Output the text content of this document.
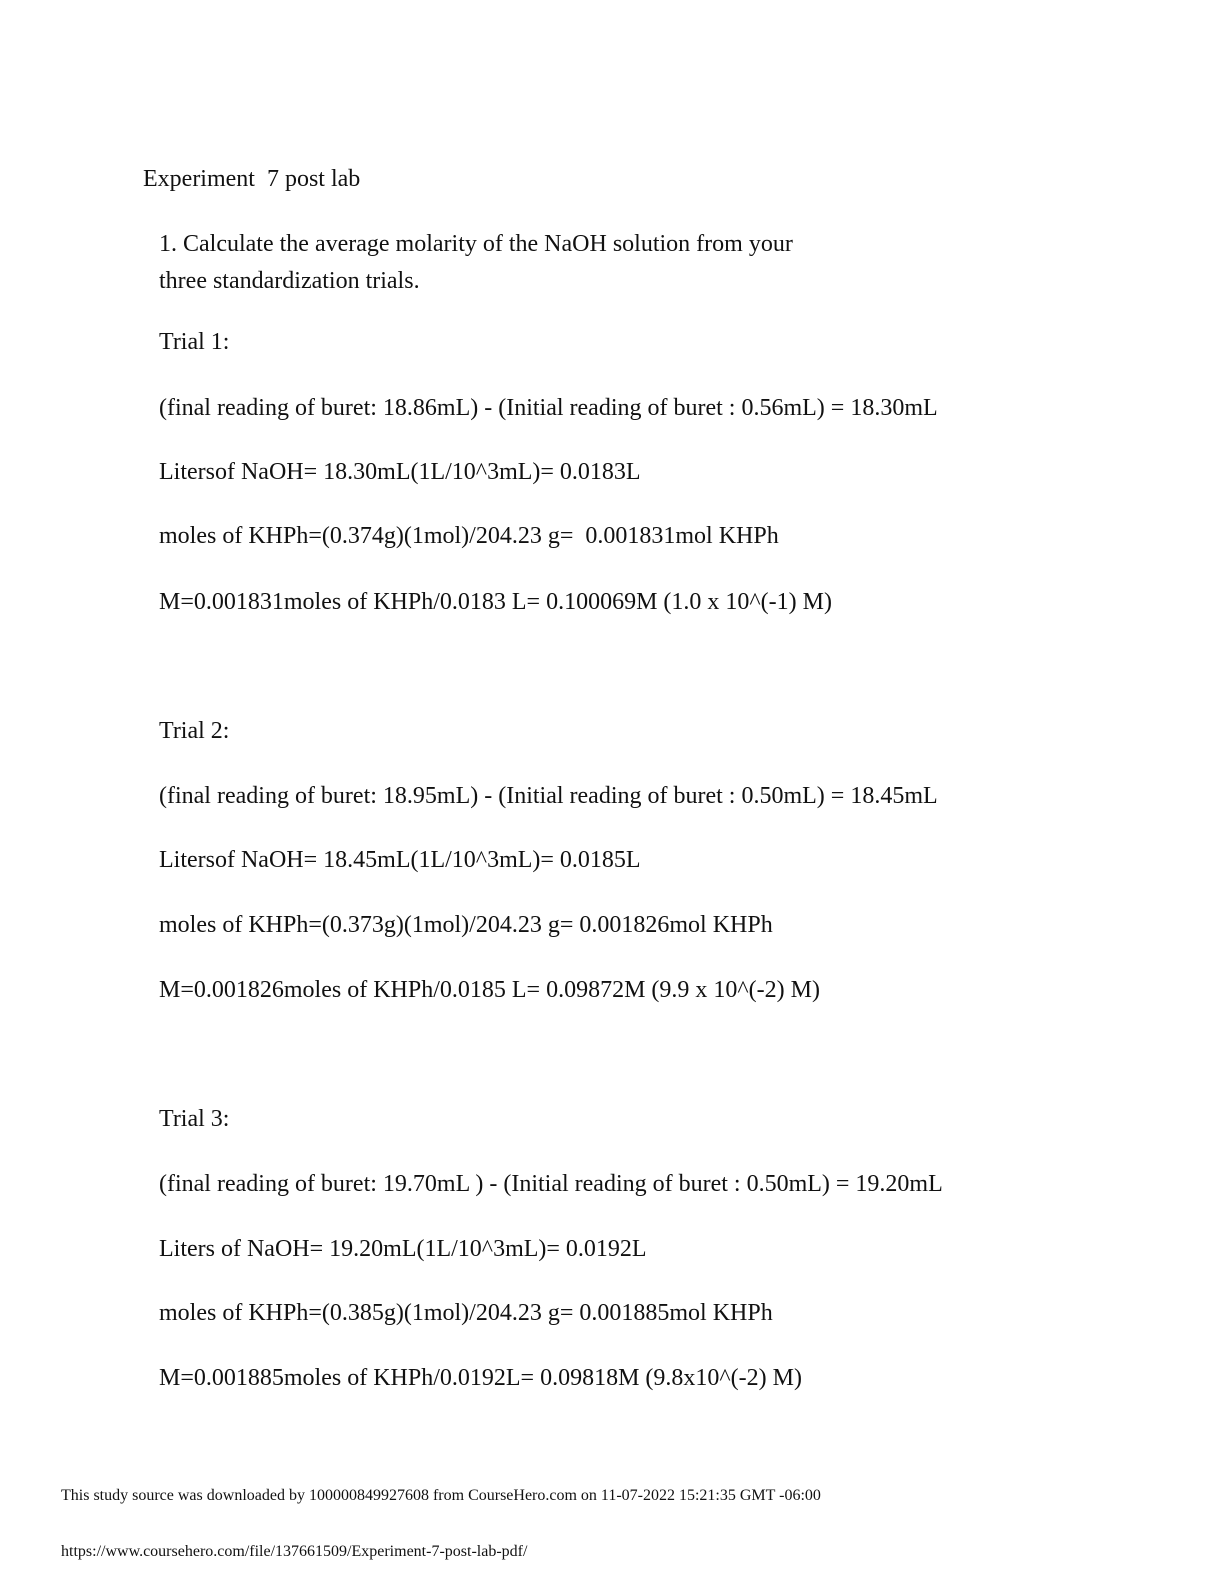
Experiment  7 post lab
1. Calculate the average molarity of the NaOH solution from your
three standardization trials.
Trial 1:
(final reading of buret: 18.86mL) - (Initial reading of buret : 0.56mL) = 18.30mL
Litersof NaOH= 18.30mL(1L/10^3mL)= 0.0183L
moles of KHPh=(0.374g)(1mol)/204.23 g=  0.001831mol KHPh
M=0.001831moles of KHPh/0.0183 L= 0.100069M (1.0 x 10^(-1) M)
Trial 2:
(final reading of buret: 18.95mL) - (Initial reading of buret : 0.50mL) = 18.45mL
Litersof NaOH= 18.45mL(1L/10^3mL)= 0.0185L
moles of KHPh=(0.373g)(1mol)/204.23 g= 0.001826mol KHPh
M=0.001826moles of KHPh/0.0185 L= 0.09872M (9.9 x 10^(-2) M)
Trial 3:
(final reading of buret: 19.70mL ) - (Initial reading of buret : 0.50mL) = 19.20mL
Liters of NaOH= 19.20mL(1L/10^3mL)= 0.0192L
moles of KHPh=(0.385g)(1mol)/204.23 g= 0.001885mol KHPh
M=0.001885moles of KHPh/0.0192L= 0.09818M (9.8x10^(-2) M)
This study source was downloaded by 100000849927608 from CourseHero.com on 11-07-2022 15:21:35 GMT -06:00
https://www.coursehero.com/file/137661509/Experiment-7-post-lab-pdf/
